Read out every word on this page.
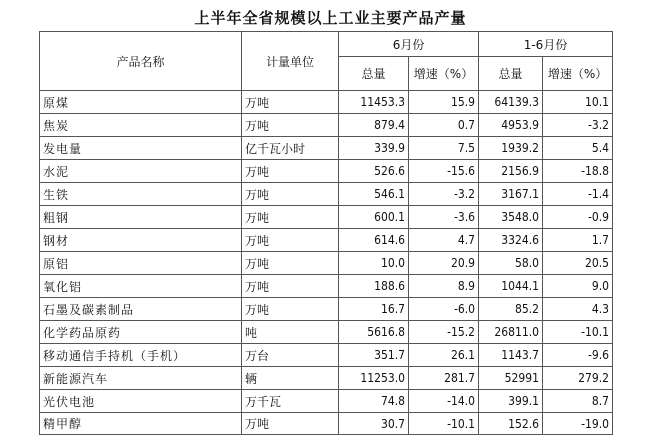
上半年全省规模以上工业主要产品产量
产品名称	计量单位	6月份		1-6月份	
		总量	增速（%）	总量	增速（%）
原煤	万吨	11453.3	15.9	64139.3	10.1
焦炭	万吨	879.4	0.7	4953.9	-3.2
发电量	亿千瓦小时	339.9	7.5	1939.2	5.4
水泥	万吨	526.6	-15.6	2156.9	-18.8
生铁	万吨	546.1	-3.2	3167.1	-1.4
粗钢	万吨	600.1	-3.6	3548.0	-0.9
钢材	万吨	614.6	4.7	3324.6	1.7
原铝	万吨	10.0	20.9	58.0	20.5
氧化铝	万吨	188.6	8.9	1044.1	9.0
石墨及碳素制品	万吨	16.7	-6.0	85.2	4.3
化学药品原药	吨	5616.8	-15.2	26811.0	-10.1
移动通信手持机（手机）	万台	351.7	26.1	1143.7	-9.6
新能源汽车	辆	11253.0	281.7	52991	279.2
光伏电池	万千瓦	74.8	-14.0	399.1	8.7
精甲醇	万吨	30.7	-10.1	152.6	-19.0
